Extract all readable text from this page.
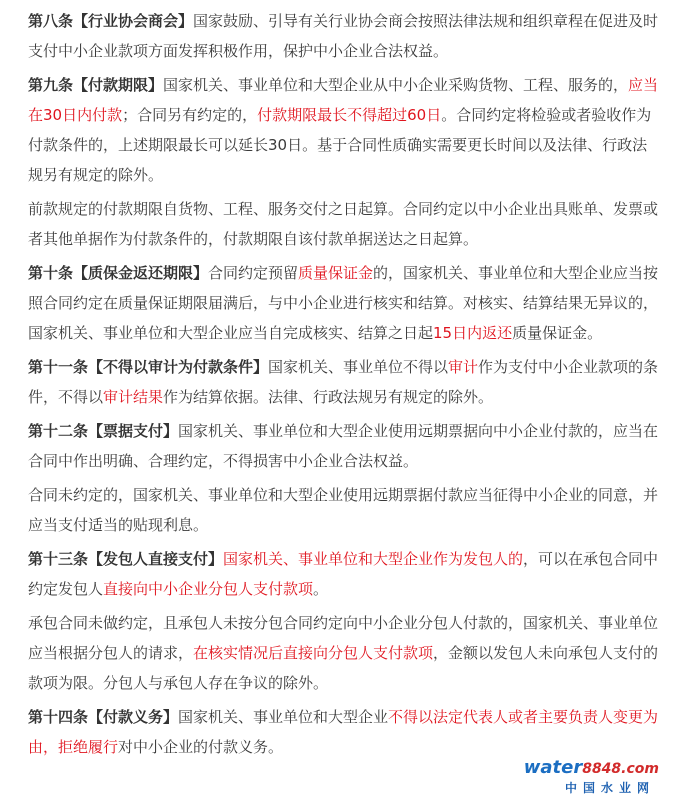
第八条【行业协会商会】国家鼓励、引导有关行业协会商会按照法律法规和组织章程在促进及时支付中小企业款项方面发挥积极作用，保护中小企业合法权益。

第九条【付款期限】国家机关、事业单位和大型企业从中小企业采购货物、工程、服务的，应当在30日内付款；合同另有约定的，付款期限最长不得超过60日。合同约定将检验或者验收作为付款条件的，上述期限最长可以延长30日。基于合同性质确实需要更长时间以及法律、行政法规另有规定的除外。

前款规定的付款期限自货物、工程、服务交付之日起算。合同约定以中小企业出具账单、发票或者其他单据作为付款条件的，付款期限自该付款单据送达之日起算。

第十条【质保金返还期限】合同约定预留质量保证金的，国家机关、事业单位和大型企业应当按照合同约定在质量保证期限届满后，与中小企业进行核实和结算。对核实、结算结果无异议的，国家机关、事业单位和大型企业应当自完成核实、结算之日起15日内返还质量保证金。

第十一条【不得以审计为付款条件】国家机关、事业单位不得以审计作为支付中小企业款项的条件，不得以审计结果作为结算依据。法律、行政法规另有规定的除外。

第十二条【票据支付】国家机关、事业单位和大型企业使用远期票据向中小企业付款的，应当在合同中作出明确、合理约定，不得损害中小企业合法权益。

合同未约定的，国家机关、事业单位和大型企业使用远期票据付款应当征得中小企业的同意，并应当支付适当的贴现利息。

第十三条【发包人直接支付】国家机关、事业单位和大型企业作为发包人的，可以在承包合同中约定发包人直接向中小企业分包人支付款项。

承包合同未做约定，且承包人未按分包合同约定向中小企业分包人付款的，国家机关、事业单位应当根据分包人的请求，在核实情况后直接向分包人支付款项，金额以发包人未向承包人支付的款项为限。分包人与承包人存在争议的除外。

第十四条【付款义务】国家机关、事业单位和大型企业不得以法定代表人或者主要负责人变更为由，拒绝履行对中小企业的付款义务。

water8848.com
中国水业网
